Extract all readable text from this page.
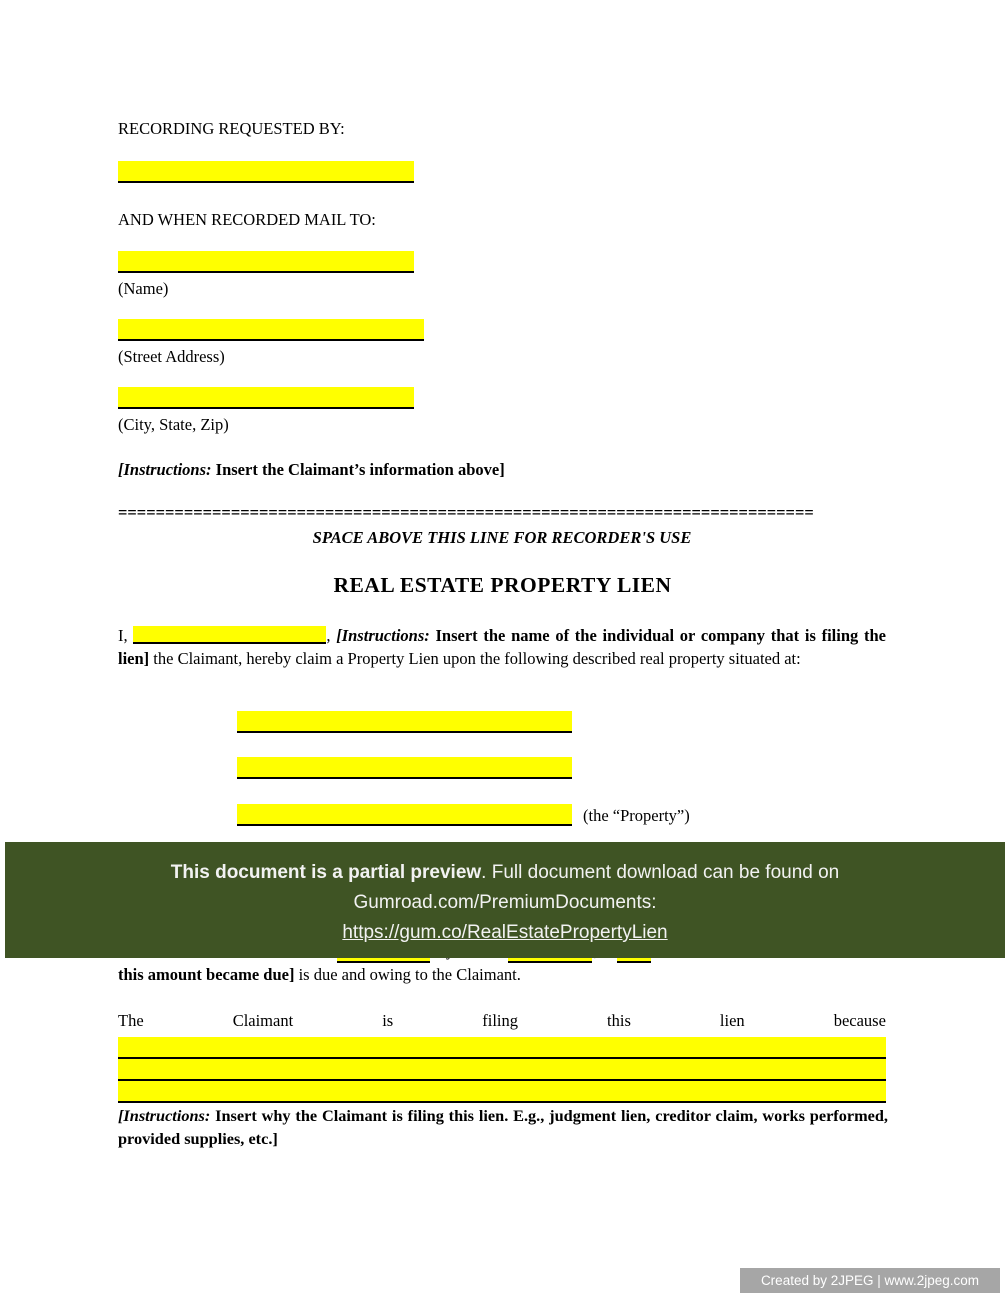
RECORDING REQUESTED BY:
AND WHEN RECORDED MAIL TO:
(Name)
(Street Address)
(City, State, Zip)
[Instructions: Insert the Claimant’s information above]
==========================================================================
SPACE ABOVE THIS LINE FOR RECORDER'S USE
REAL ESTATE PROPERTY LIEN
I,	, [Instructions: Insert the name of the individual or company that is filing the lien] the Claimant, hereby claim a Property Lien upon the following described real property situated at:
(the “Property”)
This document is a partial preview. Full document download can be found on
Gumroad.com/PremiumDocuments:
https://gum.co/RealEstatePropertyLien
this amount became due] is due and owing to the Claimant.
The	Claimant	is	filing	this	lien	because
[Instructions: Insert why the Claimant is filing this lien. E.g., judgment lien, creditor claim, works performed, provided supplies, etc.]
Created by 2JPEG | www.2jpeg.com
